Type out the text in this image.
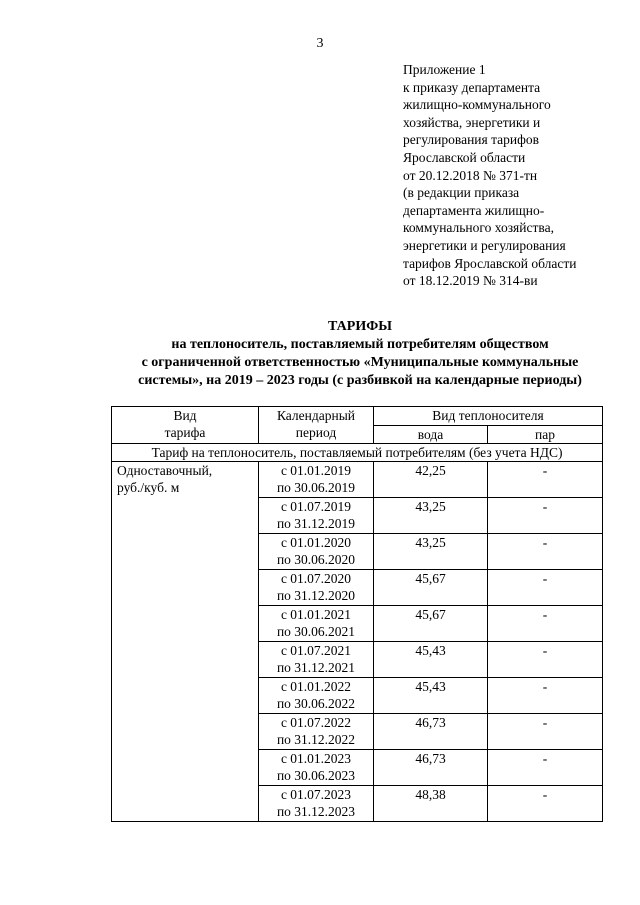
3
Приложение 1
к приказу департамента
жилищно-коммунального
хозяйства, энергетики и
регулирования тарифов
Ярославской области
от 20.12.2018 № 371-тн
(в редакции приказа
департамента жилищно-
коммунального хозяйства,
энергетики и регулирования
тарифов Ярославской области
от 18.12.2019 № 314-ви
ТАРИФЫ
на теплоноситель, поставляемый потребителям обществом
с ограниченной ответственностью «Муниципальные коммунальные
системы», на 2019 – 2023 годы (с разбивкой на календарные периоды)
Вид
тарифа	Календарный
период	Вид теплоносителя	
		вода	пар
Тариф на теплоноситель, поставляемый потребителям (без учета НДС)			
Одноставочный,
руб./куб. м	с 01.01.2019
по 30.06.2019	42,25	-
	с 01.07.2019
по 31.12.2019	43,25	-
	с 01.01.2020
по 30.06.2020	43,25	-
	с 01.07.2020
по 31.12.2020	45,67	-
	с 01.01.2021
по 30.06.2021	45,67	-
	с 01.07.2021
по 31.12.2021	45,43	-
	с 01.01.2022
по 30.06.2022	45,43	-
	с 01.07.2022
по 31.12.2022	46,73	-
	с 01.01.2023
по 30.06.2023	46,73	-
	с 01.07.2023
по 31.12.2023	48,38	-
